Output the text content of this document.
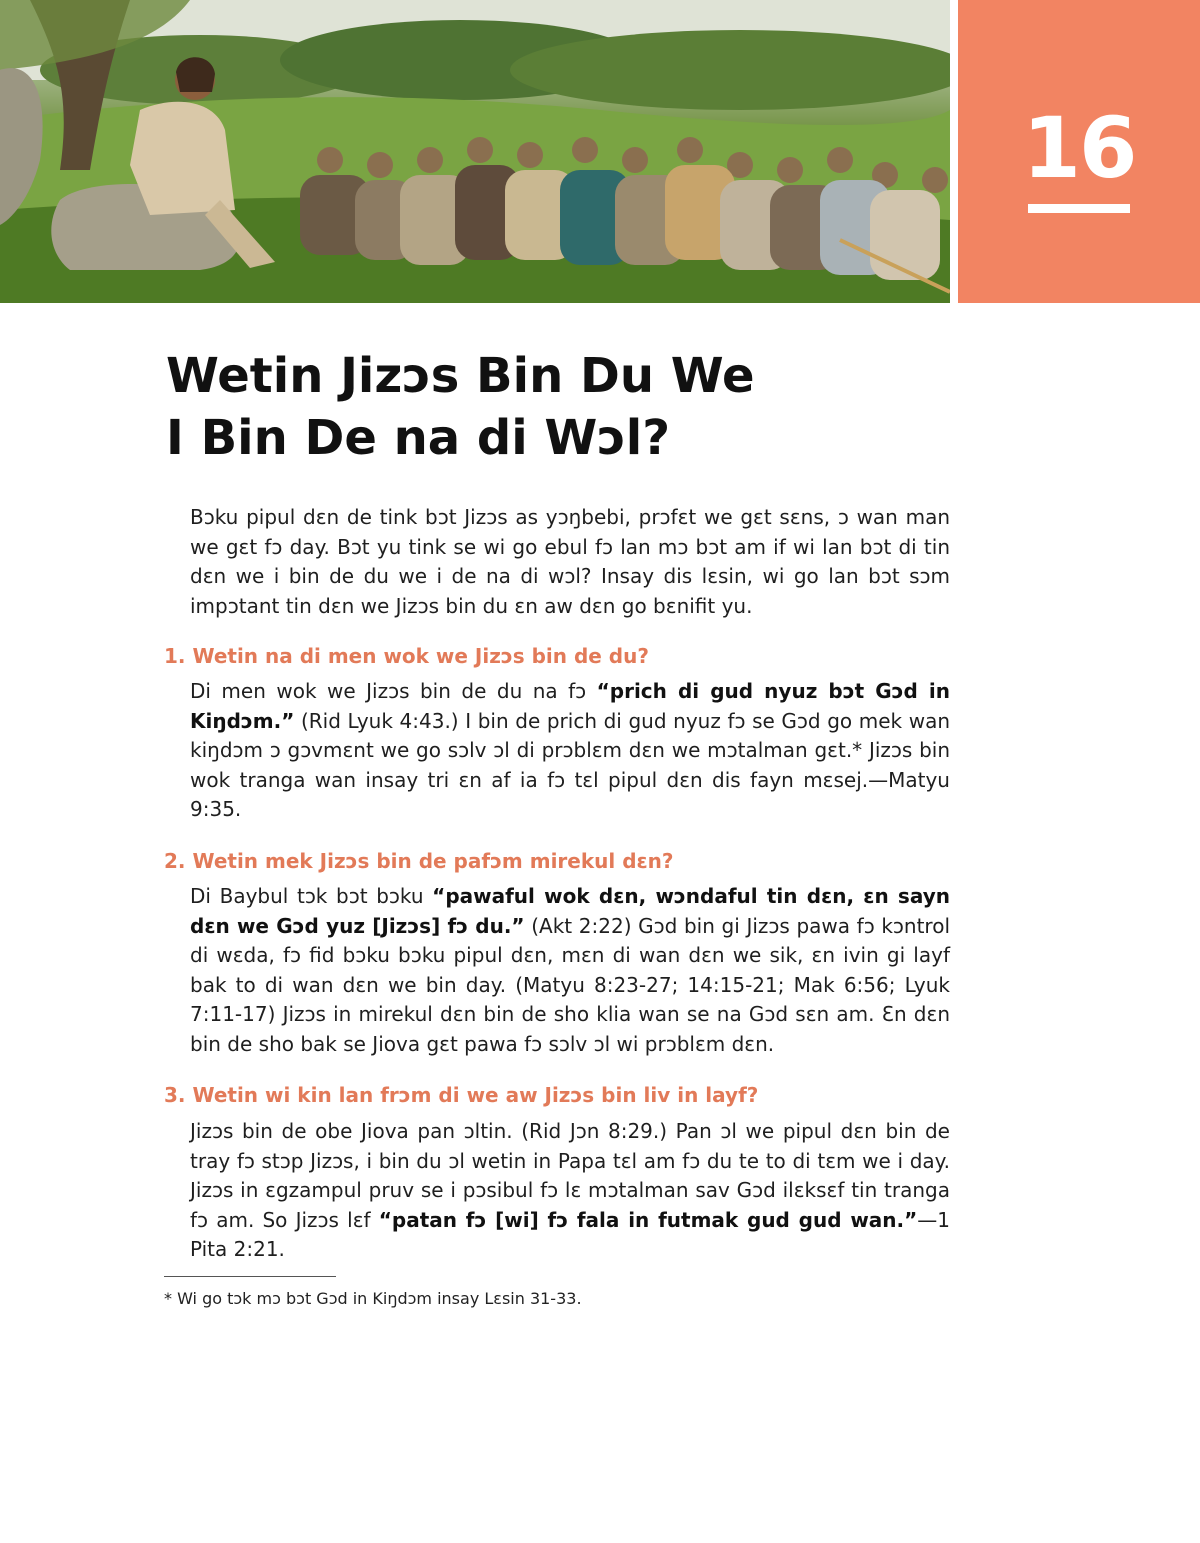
16
Wetin Jizɔs Bin Du We
I Bin De na di Wɔl?

Bɔku pipul dɛn de tink bɔt Jizɔs as yɔŋbebi, prɔfɛt we gɛt sɛns, ɔ wan man we gɛt fɔ day. Bɔt yu tink se wi go ebul fɔ lan mɔ bɔt am if wi lan bɔt di tin dɛn we i bin de du we i de na di wɔl? Insay dis lɛsin, wi go lan bɔt sɔm impɔtant tin dɛn we Jizɔs bin du ɛn aw dɛn go bɛnifit yu.

1. Wetin na di men wok we Jizɔs bin de du?

Di men wok we Jizɔs bin de du na fɔ “prich di gud nyuz bɔt Gɔd in Kiŋdɔm.” (Rid Lyuk 4:43.) I bin de prich di gud nyuz fɔ se Gɔd go mek wan kiŋdɔm ɔ gɔvmɛnt we go sɔlv ɔl di prɔblɛm dɛn we mɔtalman gɛt.* Jizɔs bin wok tranga wan insay tri ɛn af ia fɔ tɛl pipul dɛn dis fayn mɛsej.—Matyu 9:35.

2. Wetin mek Jizɔs bin de pafɔm mirekul dɛn?

Di Baybul tɔk bɔt bɔku “pawaful wok dɛn, wɔndaful tin dɛn, ɛn sayn dɛn we Gɔd yuz [Jizɔs] fɔ du.” (Akt 2:22) Gɔd bin gi Jizɔs pawa fɔ kɔntrol di wɛda, fɔ fid bɔku bɔku pipul dɛn, mɛn di wan dɛn we sik, ɛn ivin gi layf bak to di wan dɛn we bin day. (Matyu 8:23-27; 14:15-21; Mak 6:56; Lyuk 7:11-17) Jizɔs in mirekul dɛn bin de sho klia wan se na Gɔd sɛn am. Ɛn dɛn bin de sho bak se Jiova gɛt pawa fɔ sɔlv ɔl wi prɔblɛm dɛn.

3. Wetin wi kin lan frɔm di we aw Jizɔs bin liv in layf?

Jizɔs bin de obe Jiova pan ɔltin. (Rid Jɔn 8:29.) Pan ɔl we pipul dɛn bin de tray fɔ stɔp Jizɔs, i bin du ɔl wetin in Papa tɛl am fɔ du te to di tɛm we i day. Jizɔs in ɛgzampul pruv se i pɔsibul fɔ lɛ mɔtalman sav Gɔd ilɛksɛf tin tranga fɔ am. So Jizɔs lɛf “patan fɔ [wi] fɔ fala in futmak gud gud wan.”—1 Pita 2:21.

* Wi go tɔk mɔ bɔt Gɔd in Kiŋdɔm insay Lɛsin 31-33.
